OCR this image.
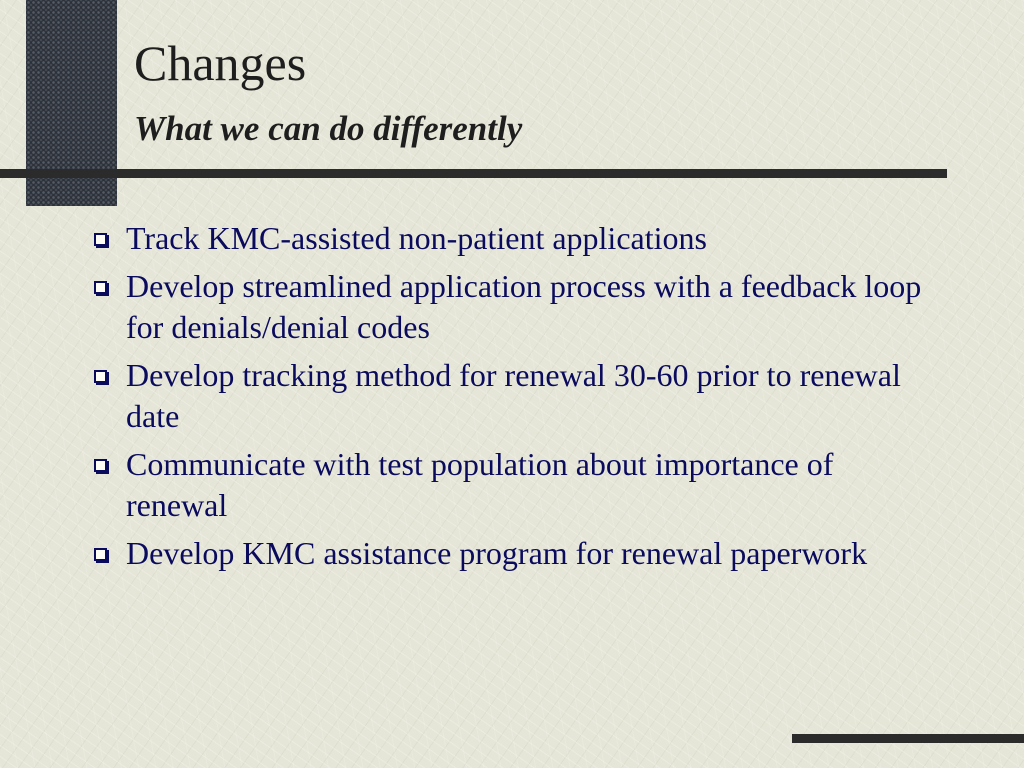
Changes
What we can do differently
Track KMC-assisted non-patient applications
Develop streamlined application process with a feedback loop for denials/denial codes
Develop tracking method for renewal 30-60 prior to renewal date
Communicate with test population about importance of renewal
Develop KMC assistance program for renewal paperwork
